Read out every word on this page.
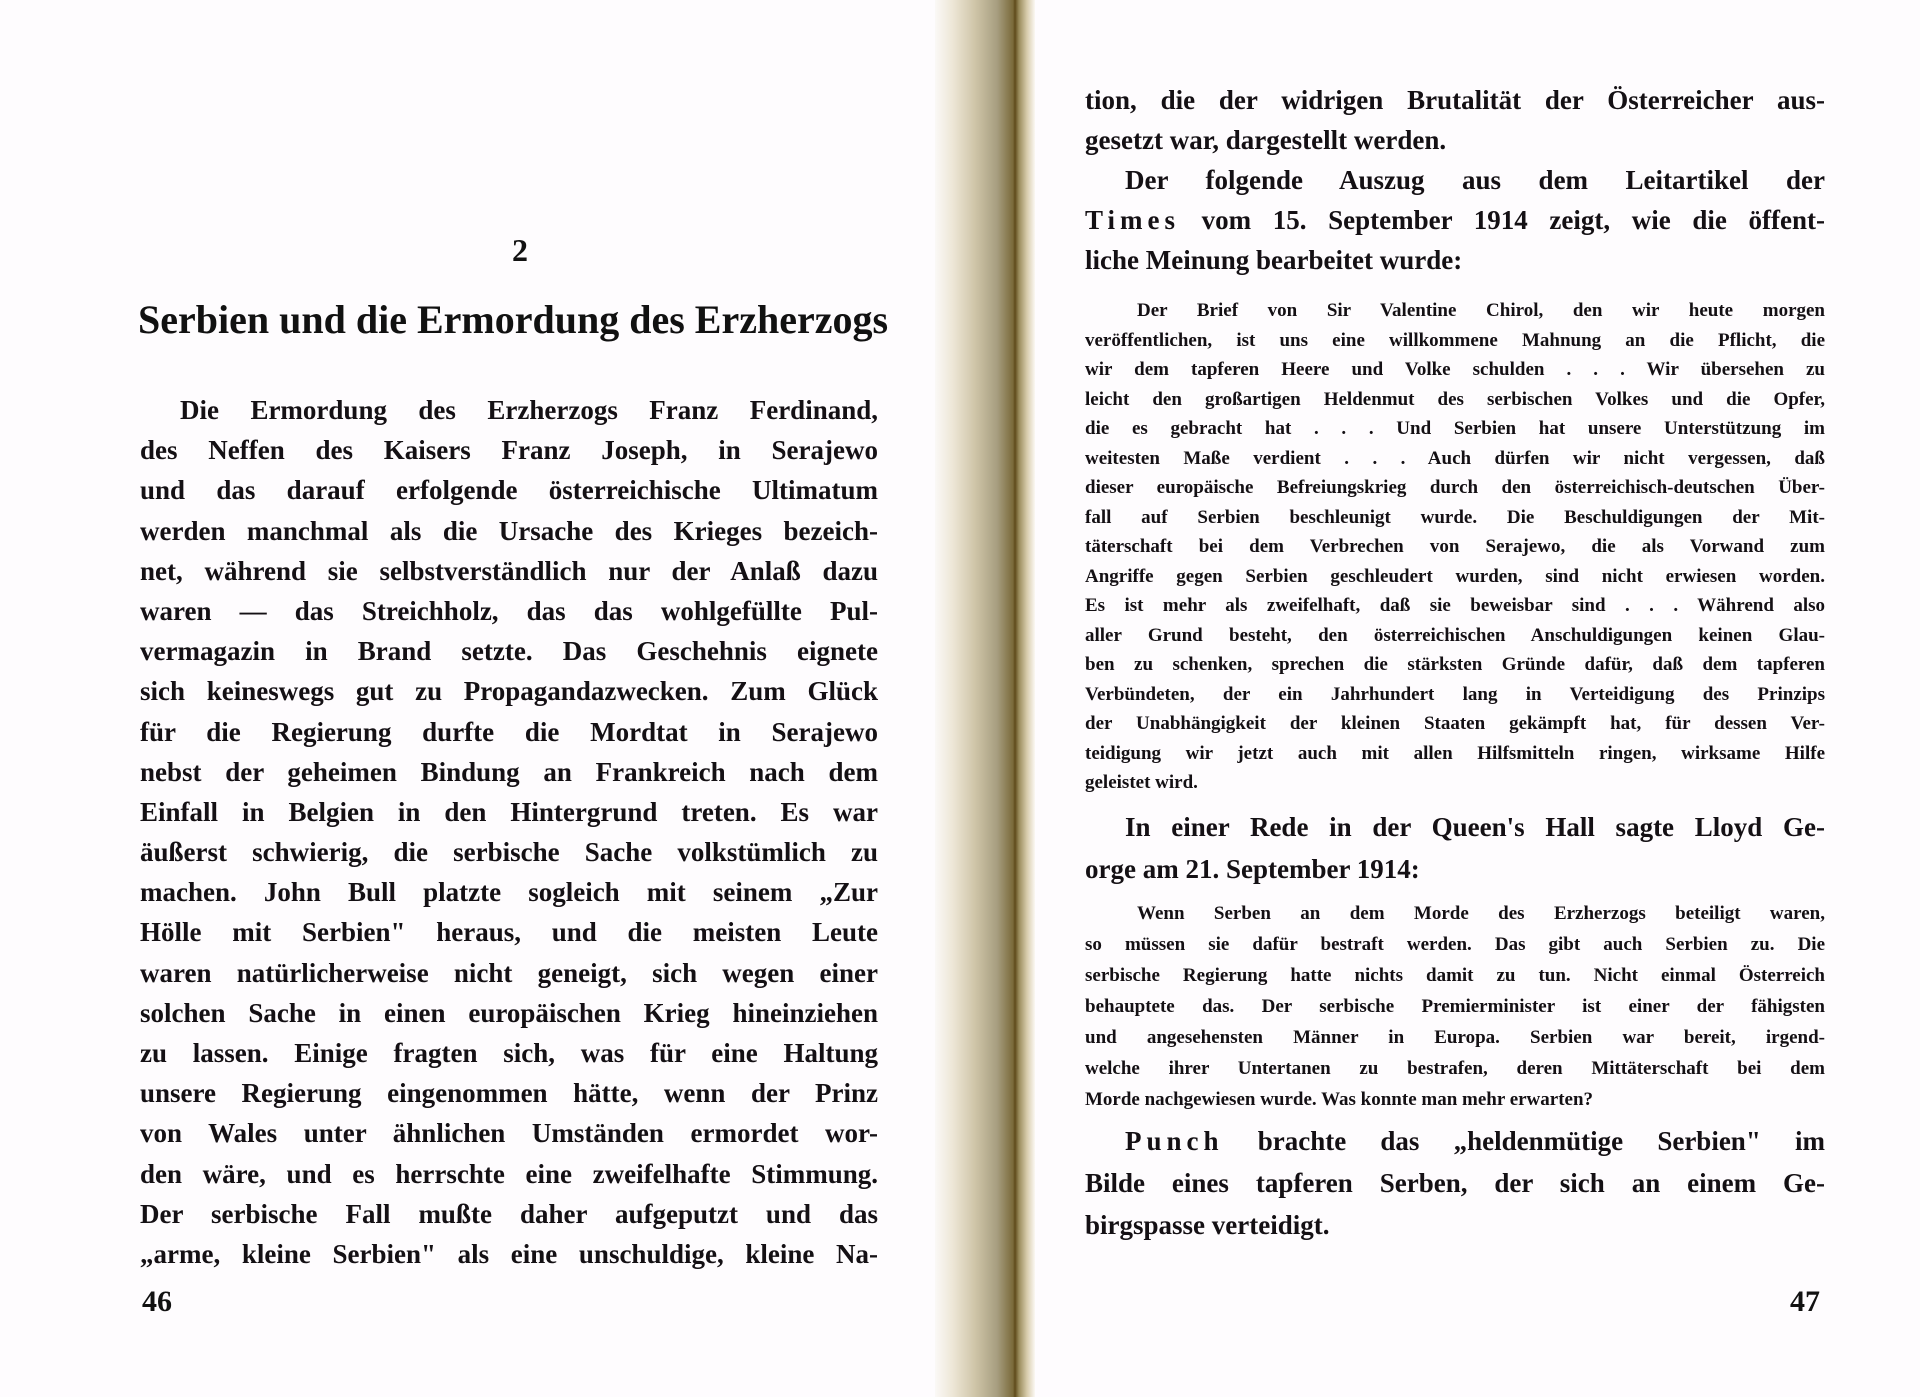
2
Serbien und die Ermordung des Erzherzogs
Die Ermordung des Erzherzogs Franz Ferdinand,
des Neffen des Kaisers Franz Joseph, in Serajewo
und das darauf erfolgende österreichische Ultimatum
werden manchmal als die Ursache des Krieges bezeich-
net, während sie selbstverständlich nur der Anlaß dazu
waren — das Streichholz, das das wohlgefüllte Pul-
vermagazin in Brand setzte. Das Geschehnis eignete
sich keineswegs gut zu Propagandazwecken. Zum Glück
für die Regierung durfte die Mordtat in Serajewo
nebst der geheimen Bindung an Frankreich nach dem
Einfall in Belgien in den Hintergrund treten. Es war
äußerst schwierig, die serbische Sache volkstümlich zu
machen. John Bull platzte sogleich mit seinem „Zur
Hölle mit Serbien" heraus, und die meisten Leute
waren natürlicherweise nicht geneigt, sich wegen einer
solchen Sache in einen europäischen Krieg hineinziehen
zu lassen. Einige fragten sich, was für eine Haltung
unsere Regierung eingenommen hätte, wenn der Prinz
von Wales unter ähnlichen Umständen ermordet wor-
den wäre, und es herrschte eine zweifelhafte Stimmung.
Der serbische Fall mußte daher aufgeputzt und das
„arme, kleine Serbien" als eine unschuldige, kleine Na-
46
tion, die der widrigen Brutalität der Österreicher aus-
gesetzt war, dargestellt werden.
Der folgende Auszug aus dem Leitartikel der
Times vom 15. September 1914 zeigt, wie die öffent-
liche Meinung bearbeitet wurde:
Der Brief von Sir Valentine Chirol, den wir heute morgen
veröffentlichen, ist uns eine willkommene Mahnung an die Pflicht, die
wir dem tapferen Heere und Volke schulden . . . Wir übersehen zu
leicht den großartigen Heldenmut des serbischen Volkes und die Opfer,
die es gebracht hat . . . Und Serbien hat unsere Unterstützung im
weitesten Maße verdient . . . Auch dürfen wir nicht vergessen, daß
dieser europäische Befreiungskrieg durch den österreichisch-deutschen Über-
fall auf Serbien beschleunigt wurde. Die Beschuldigungen der Mit-
täterschaft bei dem Verbrechen von Serajewo, die als Vorwand zum
Angriffe gegen Serbien geschleudert wurden, sind nicht erwiesen worden.
Es ist mehr als zweifelhaft, daß sie beweisbar sind . . . Während also
aller Grund besteht, den österreichischen Anschuldigungen keinen Glau-
ben zu schenken, sprechen die stärksten Gründe dafür, daß dem tapferen
Verbündeten, der ein Jahrhundert lang in Verteidigung des Prinzips
der Unabhängigkeit der kleinen Staaten gekämpft hat, für dessen Ver-
teidigung wir jetzt auch mit allen Hilfsmitteln ringen, wirksame Hilfe
geleistet wird.
In einer Rede in der Queen's Hall sagte Lloyd Ge-
orge am 21. September 1914:
Wenn Serben an dem Morde des Erzherzogs beteiligt waren,
so müssen sie dafür bestraft werden. Das gibt auch Serbien zu. Die
serbische Regierung hatte nichts damit zu tun. Nicht einmal Österreich
behauptete das. Der serbische Premierminister ist einer der fähigsten
und angesehensten Männer in Europa. Serbien war bereit, irgend-
welche ihrer Untertanen zu bestrafen, deren Mittäterschaft bei dem
Morde nachgewiesen wurde. Was konnte man mehr erwarten?
Punch brachte das „heldenmütige Serbien" im
Bilde eines tapferen Serben, der sich an einem Ge-
birgspasse verteidigt.
47
